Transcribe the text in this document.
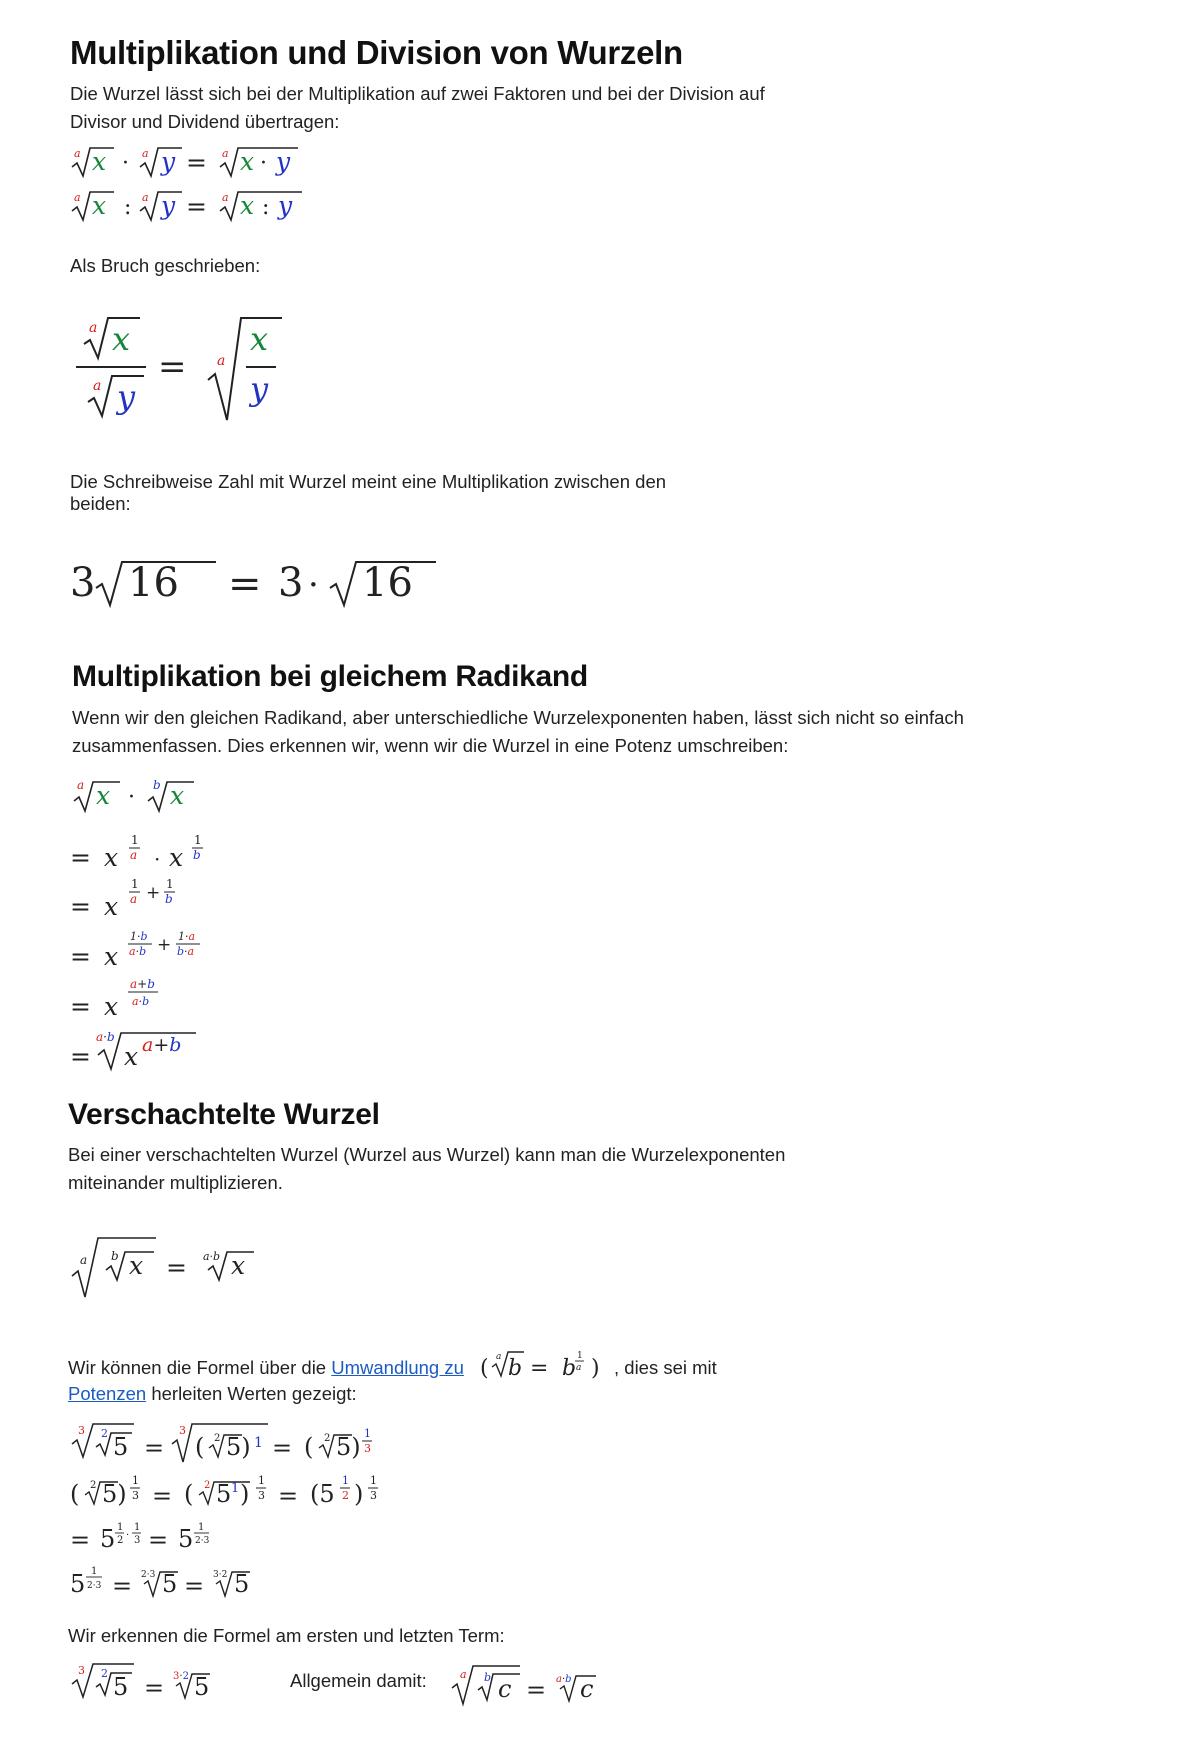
Multiplikation und Division von Wurzeln
Die Wurzel lässt sich bei der Multiplikation auf zwei Faktoren und bei der Division auf
Divisor und Dividend übertragen:
a x · a y = a x · y
a x : a y = a x : y
Als Bruch geschrieben:
a x
a y
= a
x
y
Die Schreibweise Zahl mit Wurzel meint eine Multiplikation zwischen den
beiden:
3 16 = 3 · 16
Multiplikation bei gleichem Radikand
Wenn wir den gleichen Radikand, aber unterschiedliche Wurzelexponenten haben, lässt sich nicht so einfach
zusammenfassen. Dies erkennen wir, wenn wir die Wurzel in eine Potenz umschreiben:
a x · b x
= x
1
a · x
1
b
= x
1
a + 1
b
= x
1·b
a·b + 1·a
b·a
= x
a+b
a·b
=
a·b
x a+b
Verschachtelte Wurzel
Bei einer verschachtelten Wurzel (Wurzel aus Wurzel) kann man die Wurzelexponenten
miteinander multiplizieren.
a b x = a·b x
Wir können die Formel über die Umwandlung zu ( a b = b 1
a ) , dies sei mit
Potenzen herleiten Werten gezeigt:
3 2 5 =
3
( 2 5) 1 = ( 2 5) 1
3
( 2 5) 1
3 = ( 2 5 1 ) 1
3 = (5 1
2 ) 1
3
= 5 1
2 ·
1
3 = 5 1
2·3
5 1
2·3 = 2·3 5 = 3·2 5
Wir erkennen die Formel am ersten und letzten Term:
3 2 5 = 3·2 5	Allgemein damit:	a b c = a·b c
